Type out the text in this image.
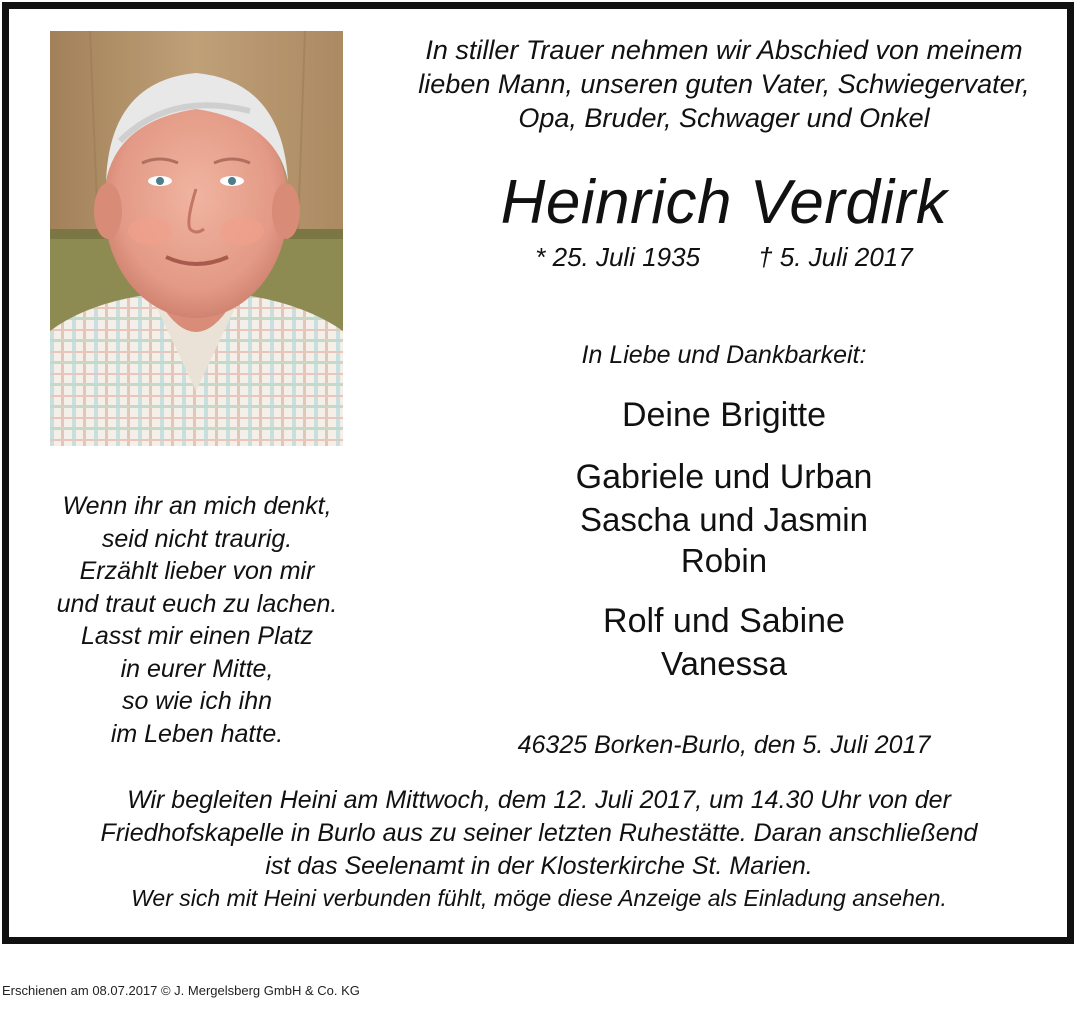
In stiller Trauer nehmen wir Abschied von meinem
lieben Mann, unseren guten Vater, Schwiegervater,
Opa, Bruder, Schwager und Onkel
Heinrich Verdirk
* 25. Juli 1935 † 5. Juli 2017
In Liebe und Dankbarkeit:
Deine Brigitte
Gabriele und Urban
Sascha und Jasmin
Robin
Rolf und Sabine
Vanessa
46325 Borken-Burlo, den 5. Juli 2017
Wenn ihr an mich denkt,
seid nicht traurig.
Erzählt lieber von mir
und traut euch zu lachen.
Lasst mir einen Platz
in eurer Mitte,
so wie ich ihn
im Leben hatte.
Wir begleiten Heini am Mittwoch, dem 12. Juli 2017, um 14.30 Uhr von der
Friedhofskapelle in Burlo aus zu seiner letzten Ruhestätte. Daran anschließend
ist das Seelenamt in der Klosterkirche St. Marien.
Wer sich mit Heini verbunden fühlt, möge diese Anzeige als Einladung ansehen.
Erschienen am 08.07.2017 © J. Mergelsberg GmbH & Co. KG
